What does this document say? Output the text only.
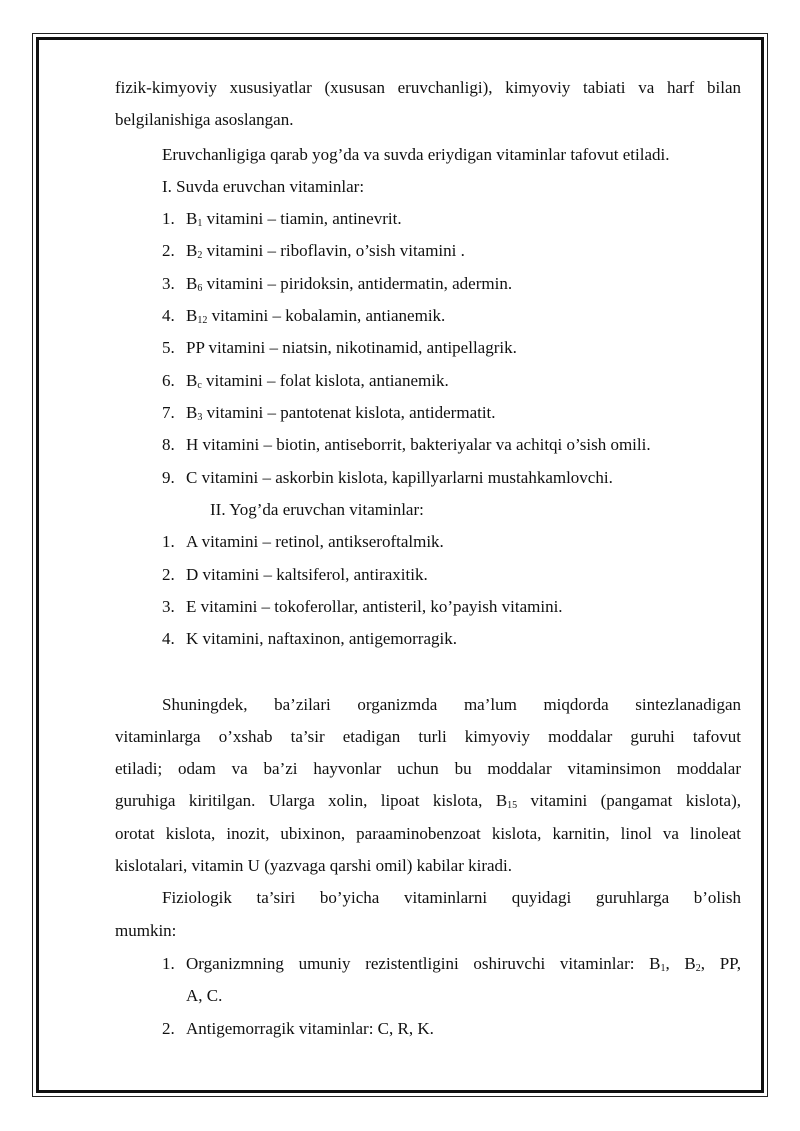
fizik-kimyoviy xususiyatlar (xususan eruvchanligi), kimyoviy tabiati va harf bilan
belgilanishiga asoslangan.
Eruvchanligiga qarab yog’da va suvda eriydigan vitaminlar tafovut etiladi.
I. Suvda eruvchan vitaminlar:
1. $B_1$ vitamini – tiamin, antinevrit.
2. $B_2$ vitamini – riboflavin, o’sish vitamini .
3. $B_6$ vitamini – piridoksin, antidermatin, adermin.
4. $B_{12}$ vitamini – kobalamin, antianemik.
5. PP vitamini – niatsin, nikotinamid, antipellagrik.
6. $B_c$ vitamini – folat kislota, antianemik.
7. $B_3$ vitamini – pantotenat kislota, antidermatit.
8. H vitamini – biotin, antiseborrit, bakteriyalar va achitqi o’sish omili.
9. C vitamini – askorbin kislota, kapillyarlarni mustahkamlovchi.
II. Yog’da eruvchan vitaminlar:
1. A vitamini – retinol, antikseroftalmik.
2. D vitamini – kaltsiferol, antiraxitik.
3. E vitamini – tokoferollar, antisteril, ko’payish vitamini.
4. K vitamini, naftaxinon, antigemorragik.
Shuningdek, ba’zilari organizmda ma’lum miqdorda sintezlanadigan
vitaminlarga o’xshab ta’sir etadigan turli kimyoviy moddalar guruhi tafovut
etiladi; odam va ba’zi hayvonlar uchun bu moddalar vitaminsimon moddalar
guruhiga kiritilgan. Ularga xolin, lipoat kislota, $B_{15}$ vitamini (pangamat kislota),
orotat kislota, inozit, ubixinon, paraaminobenzoat kislota, karnitin, linol va linoleat
kislotalari, vitamin U (yazvaga qarshi omil) kabilar kiradi.
Fiziologik ta’siri bo’yicha vitaminlarni quyidagi guruhlarga b’olish
mumkin:
1. Organizmning umuniy rezistentligini oshiruvchi vitaminlar: $B_1$, $B_2$, PP,
A, C.
2. Antigemorragik vitaminlar: C, R, K.
